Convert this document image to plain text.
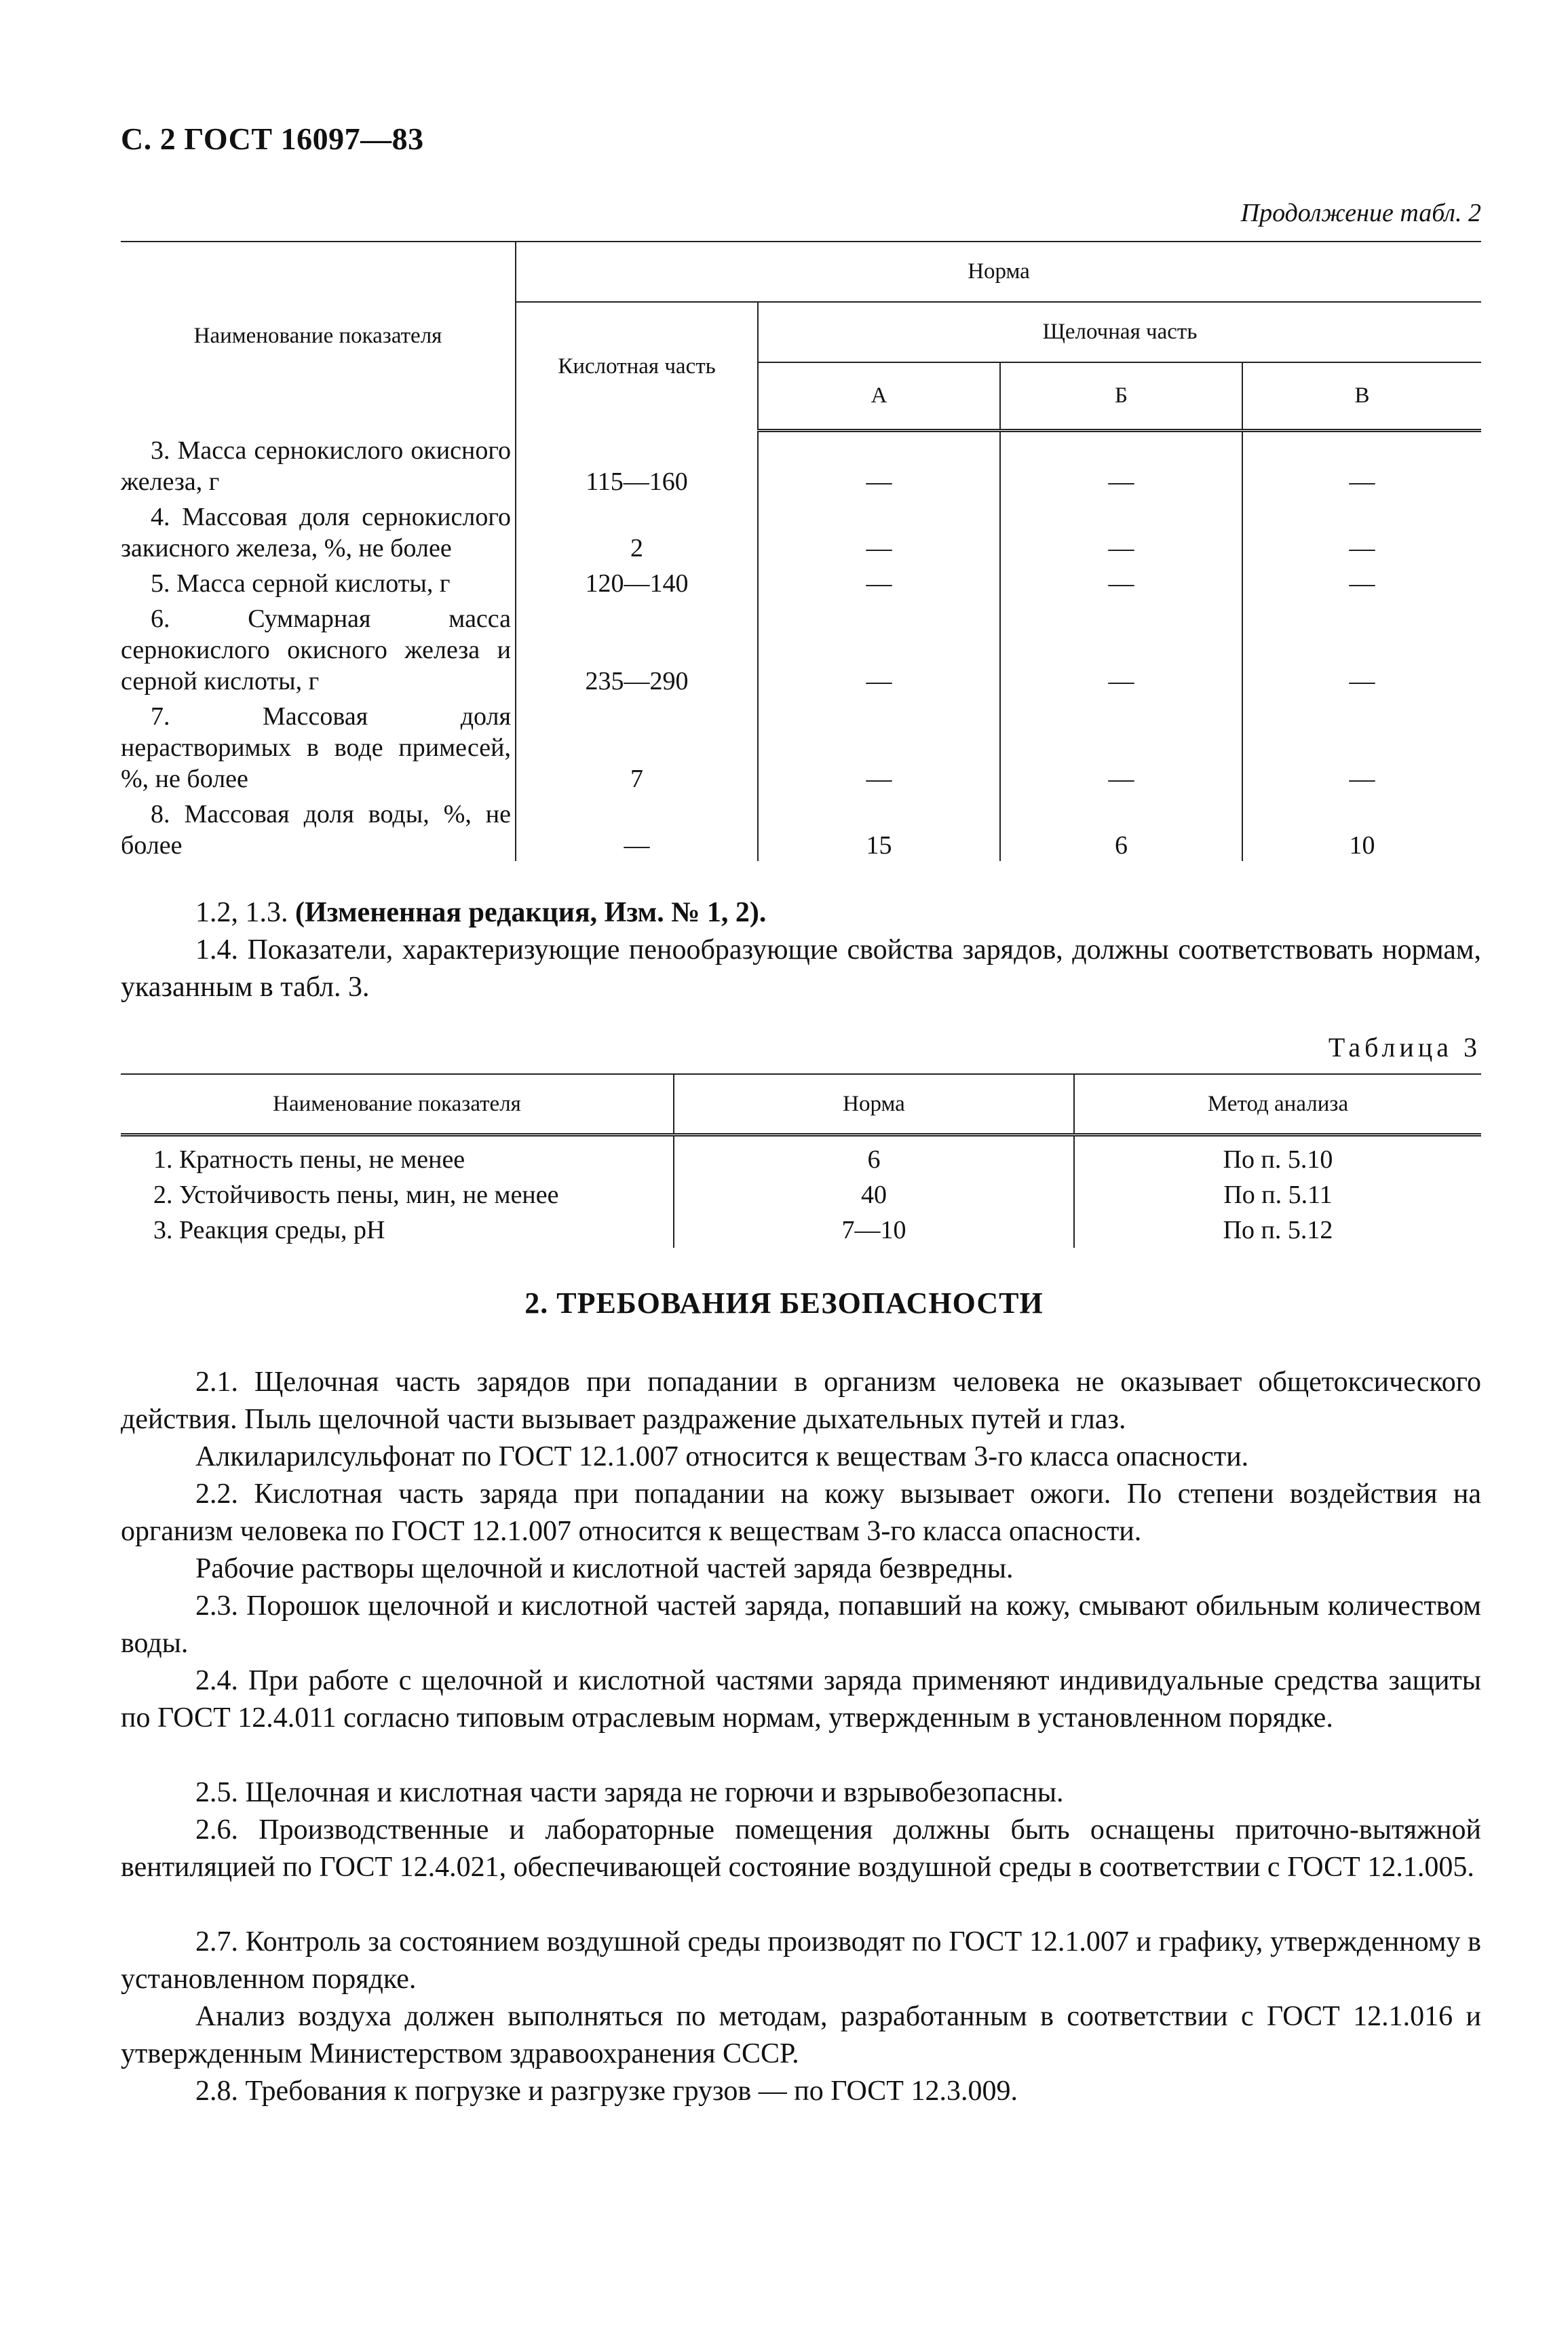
С. 2 ГОСТ 16097—83
Продолжение табл. 2
Наименование показателя	Норма			
	Кислотная часть	Щелочная часть		
		А	Б	В
3. Масса сернокислого окисного железа, г	115—160	—	—	—
4. Массовая доля сернокислого закисного железа, %, не более	2	—	—	—
5. Масса серной кислоты, г	120—140	—	—	—
6. Суммарная масса сернокислого окисного железа и серной кислоты, г	235—290	—	—	—
7. Массовая доля нерастворимых в воде примесей, %, не более	7	—	—	—
8. Массовая доля воды, %, не более	—	15	6	10
1.2, 1.3. (Измененная редакция, Изм. № 1, 2).
1.4. Показатели, характеризующие пенообразующие свойства зарядов, должны соответствовать нормам, указанным в табл. 3.
Таблица 3
Наименование показателя	Норма	Метод анализа
1. Кратность пены, не менее	6	По п. 5.10
2. Устойчивость пены, мин, не менее	40	По п. 5.11
3. Реакция среды, pH	7—10	По п. 5.12
2. ТРЕБОВАНИЯ БЕЗОПАСНОСТИ
2.1. Щелочная часть зарядов при попадании в организм человека не оказывает общетоксического действия. Пыль щелочной части вызывает раздражение дыхательных путей и глаз.
Алкиларилсульфонат по ГОСТ 12.1.007 относится к веществам 3-го класса опасности.
2.2. Кислотная часть заряда при попадании на кожу вызывает ожоги. По степени воздействия на организм человека по ГОСТ 12.1.007 относится к веществам 3-го класса опасности.
Рабочие растворы щелочной и кислотной частей заряда безвредны.
2.3. Порошок щелочной и кислотной частей заряда, попавший на кожу, смывают обильным количеством воды.
2.4. При работе с щелочной и кислотной частями заряда применяют индивидуальные средства защиты по ГОСТ 12.4.011 согласно типовым отраслевым нормам, утвержденным в установленном порядке.
2.5. Щелочная и кислотная части заряда не горючи и взрывобезопасны.
2.6. Производственные и лабораторные помещения должны быть оснащены приточно-вытяжной вентиляцией по ГОСТ 12.4.021, обеспечивающей состояние воздушной среды в соответствии с ГОСТ 12.1.005.
2.7. Контроль за состоянием воздушной среды производят по ГОСТ 12.1.007 и графику, утвержденному в установленном порядке.
Анализ воздуха должен выполняться по методам, разработанным в соответствии с ГОСТ 12.1.016 и утвержденным Министерством здравоохранения СССР.
2.8. Требования к погрузке и разгрузке грузов — по ГОСТ 12.3.009.
